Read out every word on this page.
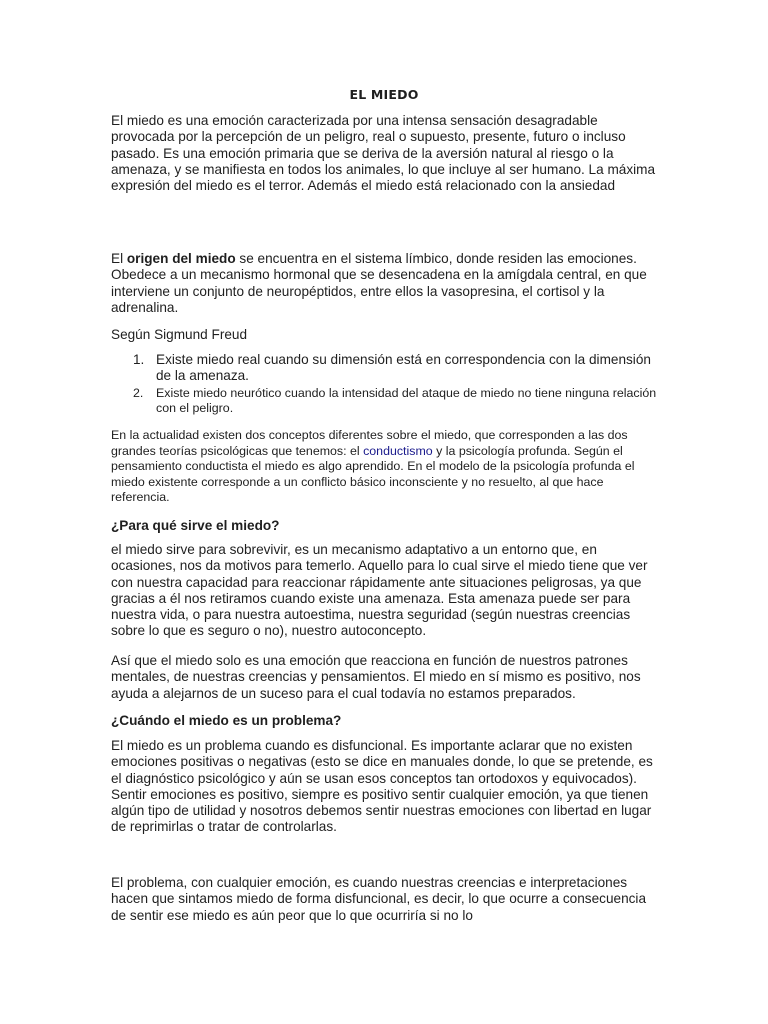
EL MIEDO

El miedo es una emoción caracterizada por una intensa sensación desagradable provocada por la percepción de un peligro, real o supuesto, presente, futuro o incluso pasado. Es una emoción primaria que se deriva de la aversión natural al riesgo o la amenaza, y se manifiesta en todos los animales, lo que incluye al ser humano. La máxima expresión del miedo es el terror. Además el miedo está relacionado con la ansiedad

El origen del miedo se encuentra en el sistema límbico, donde residen las emociones. Obedece a un mecanismo hormonal que se desencadena en la amígdala central, en que interviene un conjunto de neuropéptidos, entre ellos la vasopresina, el cortisol y la adrenalina.

Según Sigmund Freud

1. Existe miedo real cuando su dimensión está en correspondencia con la dimensión de la amenaza.
2. Existe miedo neurótico cuando la intensidad del ataque de miedo no tiene ninguna relación con el peligro.

En la actualidad existen dos conceptos diferentes sobre el miedo, que corresponden a las dos grandes teorías psicológicas que tenemos: el conductismo y la psicología profunda. Según el pensamiento conductista el miedo es algo aprendido. En el modelo de la psicología profunda el miedo existente corresponde a un conflicto básico inconsciente y no resuelto, al que hace referencia.

¿Para qué sirve el miedo?

el miedo sirve para sobrevivir, es un mecanismo adaptativo a un entorno que, en ocasiones, nos da motivos para temerlo. Aquello para lo cual sirve el miedo tiene que ver con nuestra capacidad para reaccionar rápidamente ante situaciones peligrosas, ya que gracias a él nos retiramos cuando existe una amenaza. Esta amenaza puede ser para nuestra vida, o para nuestra autoestima, nuestra seguridad (según nuestras creencias sobre lo que es seguro o no), nuestro autoconcepto.

Así que el miedo solo es una emoción que reacciona en función de nuestros patrones mentales, de nuestras creencias y pensamientos. El miedo en sí mismo es positivo, nos ayuda a alejarnos de un suceso para el cual todavía no estamos preparados.

¿Cuándo el miedo es un problema?

El miedo es un problema cuando es disfuncional. Es importante aclarar que no existen emociones positivas o negativas (esto se dice en manuales donde, lo que se pretende, es el diagnóstico psicológico y aún se usan esos conceptos tan ortodoxos y equivocados). Sentir emociones es positivo, siempre es positivo sentir cualquier emoción, ya que tienen algún tipo de utilidad y nosotros debemos sentir nuestras emociones con libertad en lugar de reprimirlas o tratar de controlarlas.

El problema, con cualquier emoción, es cuando nuestras creencias e interpretaciones hacen que sintamos miedo de forma disfuncional, es decir, lo que ocurre a consecuencia de sentir ese miedo es aún peor que lo que ocurriría si no lo
